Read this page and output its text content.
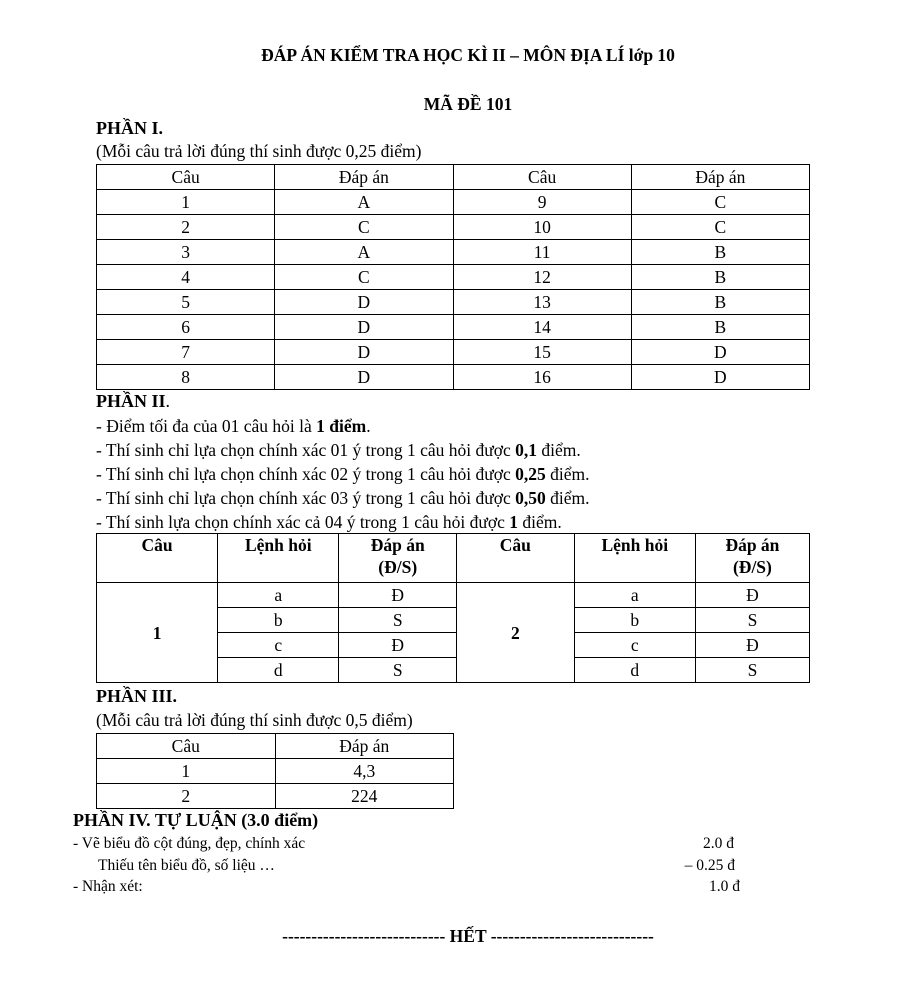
ĐÁP ÁN KIỂM TRA HỌC KÌ II – MÔN ĐỊA LÍ lớp 10
MÃ ĐỀ 101
PHẦN I.
(Mỗi câu trả lời đúng thí sinh được 0,25 điểm)
Câu	Đáp án	Câu	Đáp án
1	A	9	C
2	C	10	C
3	A	11	B
4	C	12	B
5	D	13	B
6	D	14	B
7	D	15	D
8	D	16	D
PHẦN II.
- Điểm tối đa của 01 câu hỏi là 1 điểm.
- Thí sinh chỉ lựa chọn chính xác 01 ý trong 1 câu hỏi được 0,1 điểm.
- Thí sinh chỉ lựa chọn chính xác 02 ý trong 1 câu hỏi được 0,25 điểm.
- Thí sinh chỉ lựa chọn chính xác 03 ý trong 1 câu hỏi được 0,50 điểm.
- Thí sinh lựa chọn chính xác cả 04 ý trong 1 câu hỏi được 1 điểm.
Câu	Lệnh hỏi	Đáp án (Đ/S)	Câu	Lệnh hỏi	Đáp án (Đ/S)

1	a	Đ	2	a	Đ
	b	S		b	S
	c	Đ		c	Đ
	d	S		d	S
PHẦN III.
(Mỗi câu trả lời đúng thí sinh được 0,5 điểm)
Câu	Đáp án
1	4,3
2	224
PHẦN IV. TỰ LUẬN (3.0 điểm)
- Vẽ biểu đồ cột đúng, đẹp, chính xác	2.0 đ
Thiếu tên biểu đồ, số liệu …	– 0.25 đ
- Nhận xét:	1.0 đ
---------------------------- HẾT ----------------------------
